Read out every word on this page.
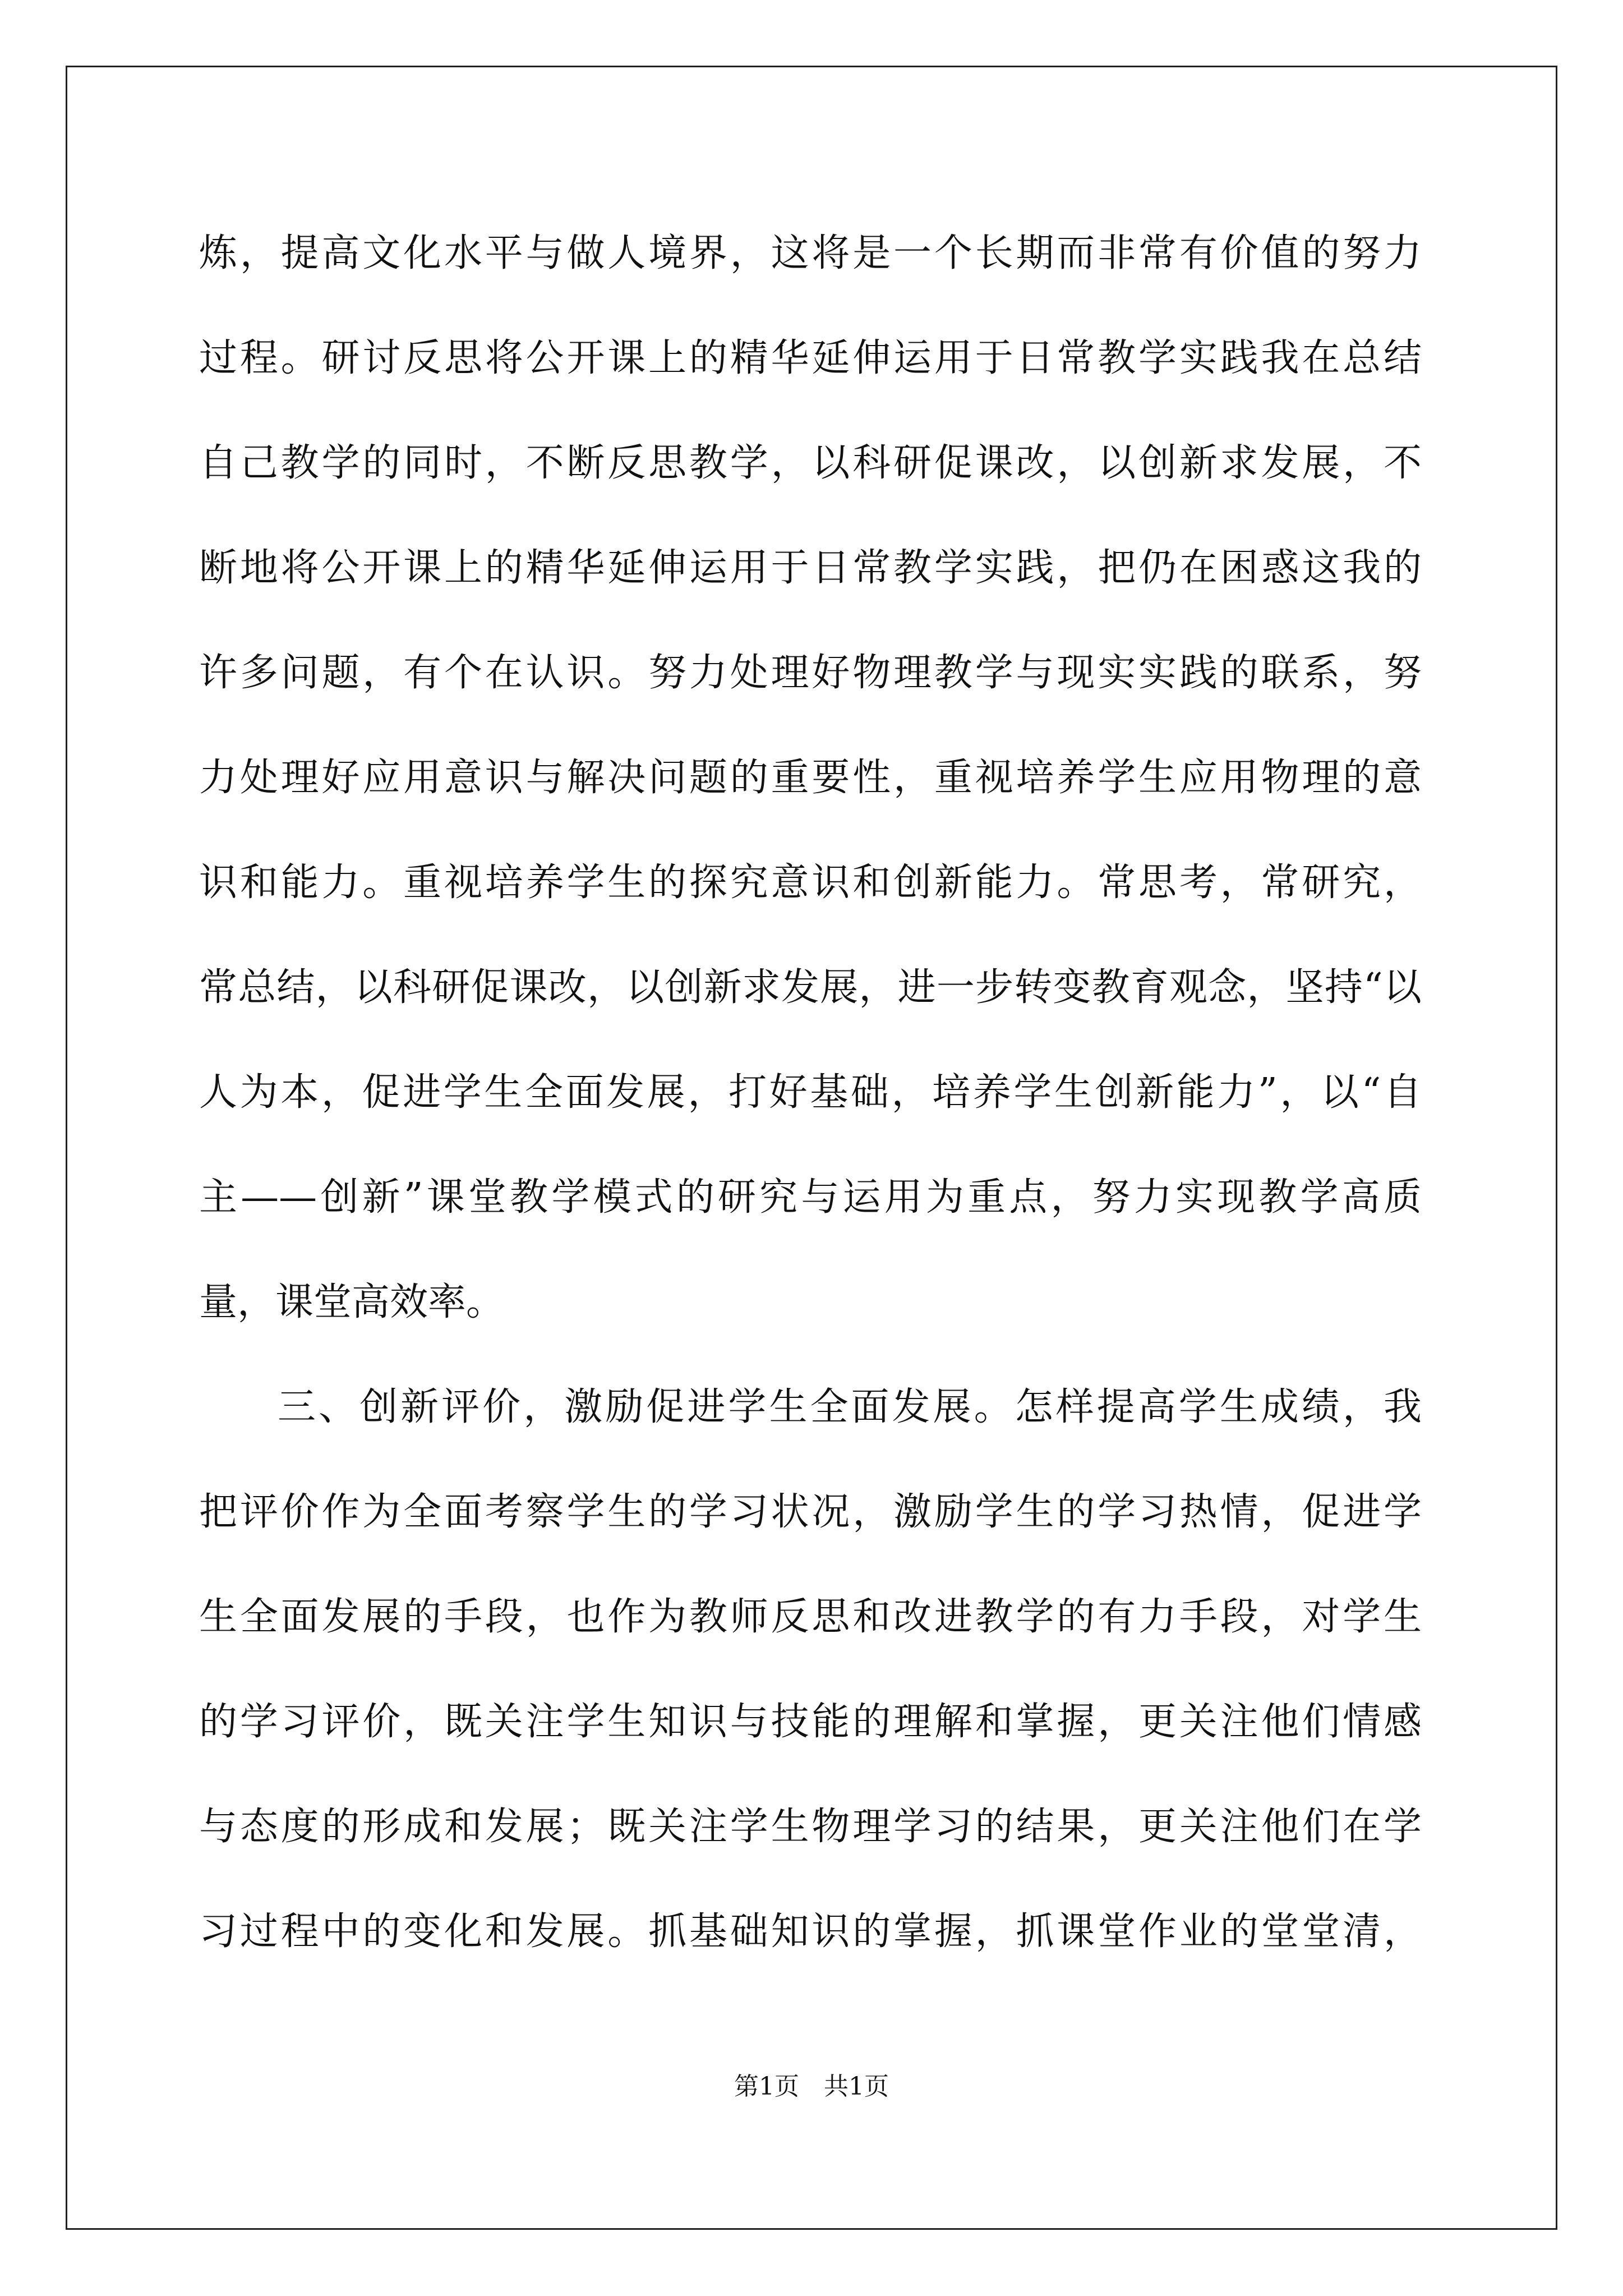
炼，提高文化水平与做人境界，这将是一个长期而非常有价值的努力
过程。研讨反思将公开课上的精华延伸运用于日常教学实践我在总结
自己教学的同时，不断反思教学，以科研促课改，以创新求发展，不
断地将公开课上的精华延伸运用于日常教学实践，把仍在困惑这我的
许多问题，有个在认识。努力处理好物理教学与现实实践的联系，努
力处理好应用意识与解决问题的重要性，重视培养学生应用物理的意
识和能力。重视培养学生的探究意识和创新能力。常思考，常研究，
常总结，以科研促课改，以创新求发展，进一步转变教育观念，坚持“以
人为本，促进学生全面发展，打好基础，培养学生创新能力”，以“自
主——创新”课堂教学模式的研究与运用为重点，努力实现教学高质
量，课堂高效率。
三、创新评价，激励促进学生全面发展。怎样提高学生成绩，我
把评价作为全面考察学生的学习状况，激励学生的学习热情，促进学
生全面发展的手段，也作为教师反思和改进教学的有力手段，对学生
的学习评价，既关注学生知识与技能的理解和掌握，更关注他们情感
与态度的形成和发展；既关注学生物理学习的结果，更关注他们在学
习过程中的变化和发展。抓基础知识的掌握，抓课堂作业的堂堂清，
第1页　共1页
